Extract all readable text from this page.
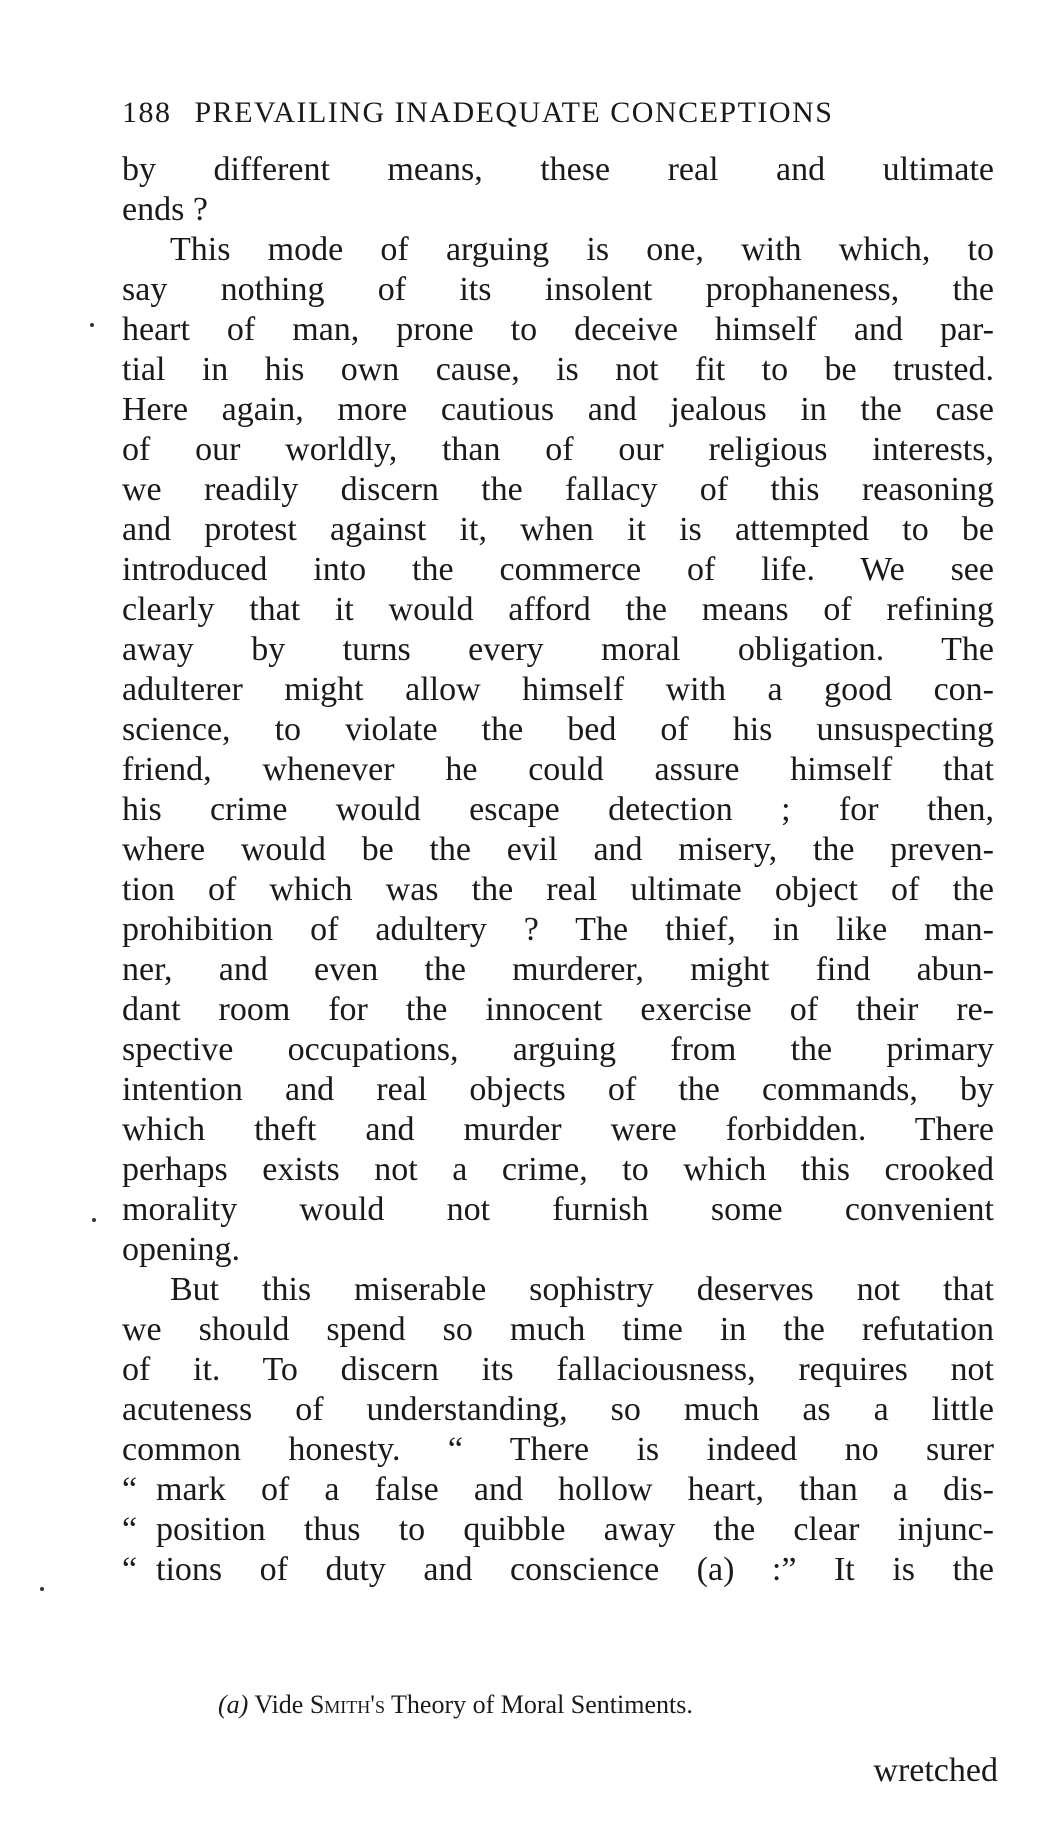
188 PREVAILING INADEQUATE CONCEPTIONS
by different means, these real and ultimate
ends ?
This mode of arguing is one, with which, to
say nothing of its insolent prophaneness, the
heart of man, prone to deceive himself and par-
tial in his own cause, is not fit to be trusted.
Here again, more cautious and jealous in the case
of our worldly, than of our religious interests,
we readily discern the fallacy of this reasoning
and protest against it, when it is attempted to be
introduced into the commerce of life. We see
clearly that it would afford the means of refining
away by turns every moral obligation. The
adulterer might allow himself with a good con-
science, to violate the bed of his unsuspecting
friend, whenever he could assure himself that
his crime would escape detection ; for then,
where would be the evil and misery, the preven-
tion of which was the real ultimate object of the
prohibition of adultery ? The thief, in like man-
ner, and even the murderer, might find abun-
dant room for the innocent exercise of their re-
spective occupations, arguing from the primary
intention and real objects of the commands, by
which theft and murder were forbidden. There
perhaps exists not a crime, to which this crooked
morality would not furnish some convenient
opening.
But this miserable sophistry deserves not that
we should spend so much time in the refutation
of it. To discern its fallaciousness, requires not
acuteness of understanding, so much as a little
common honesty. “ There is indeed no surer
“ mark of a false and hollow heart, than a dis-
“ position thus to quibble away the clear injunc-
“ tions of duty and conscience (a) :” It is the
(a) Vide Smith's Theory of Moral Sentiments.
wretched
